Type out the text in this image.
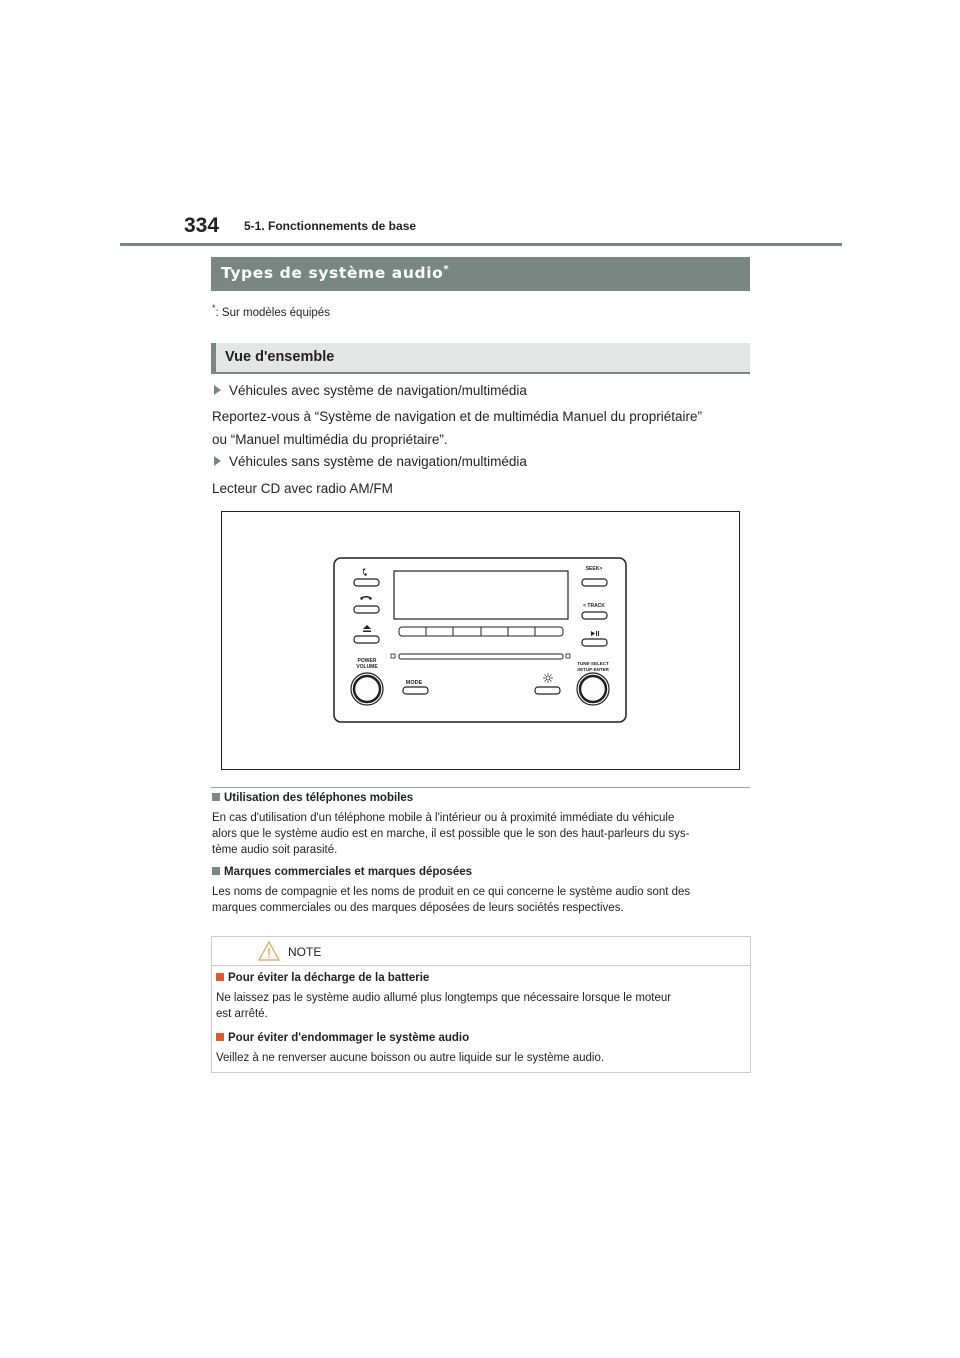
334 5-1. Fonctionnements de base
Types de système audio*
*: Sur modèles équipés
Vue d'ensemble
Véhicules avec système de navigation/multimédia
Reportez-vous à “Système de navigation et de multimédia Manuel du propriétaire”
ou “Manuel multimédia du propriétaire”.
Véhicules sans système de navigation/multimédia
Lecteur CD avec radio AM/FM
POWER
VOLUME
MODE
SEEK>
< TRACK
TUNE·SELECT
SETUP·ENTER
Utilisation des téléphones mobiles
En cas d'utilisation d'un téléphone mobile à l'intérieur ou à proximité immédiate du véhicule
alors que le système audio est en marche, il est possible que le son des haut-parleurs du sys-
tème audio soit parasité.
Marques commerciales et marques déposées
Les noms de compagnie et les noms de produit en ce qui concerne le système audio sont des
marques commerciales ou des marques déposées de leurs sociétés respectives.
NOTE
Pour éviter la décharge de la batterie
Ne laissez pas le système audio allumé plus longtemps que nécessaire lorsque le moteur
est arrêté.
Pour éviter d'endommager le système audio
Veillez à ne renverser aucune boisson ou autre liquide sur le système audio.
